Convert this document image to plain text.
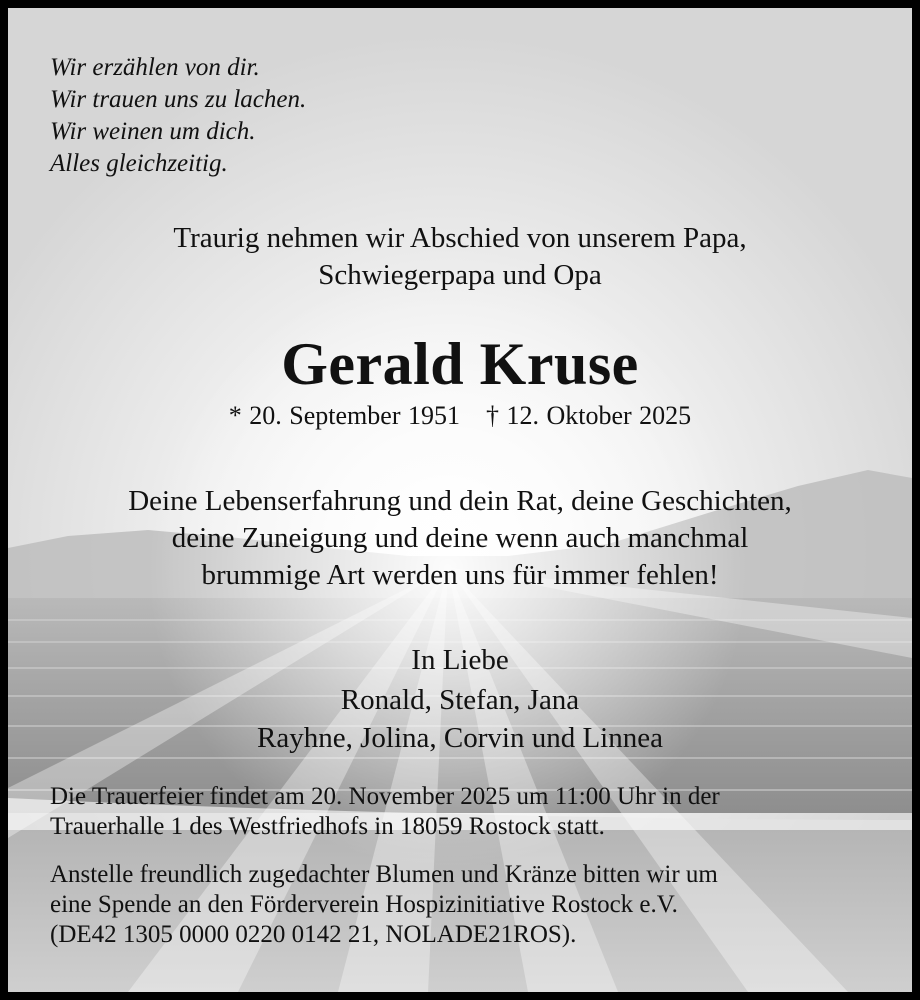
Wir erzählen von dir.
Wir trauen uns zu lachen.
Wir weinen um dich.
Alles gleichzeitig.
Traurig nehmen wir Abschied von unserem Papa,
Schwiegerpapa und Opa
Gerald Kruse
* 20. September 1951 † 12. Oktober 2025
Deine Lebenserfahrung und dein Rat, deine Geschichten,
deine Zuneigung und deine wenn auch manchmal
brummige Art werden uns für immer fehlen!
In Liebe
Ronald, Stefan, Jana
Rayhne, Jolina, Corvin und Linnea
Die Trauerfeier findet am 20. November 2025 um 11:00 Uhr in der
Trauerhalle 1 des Westfriedhofs in 18059 Rostock statt.
Anstelle freundlich zugedachter Blumen und Kränze bitten wir um
eine Spende an den Förderverein Hospizinitiative Rostock e.V.
(DE42 1305 0000 0220 0142 21, NOLADE21ROS).
